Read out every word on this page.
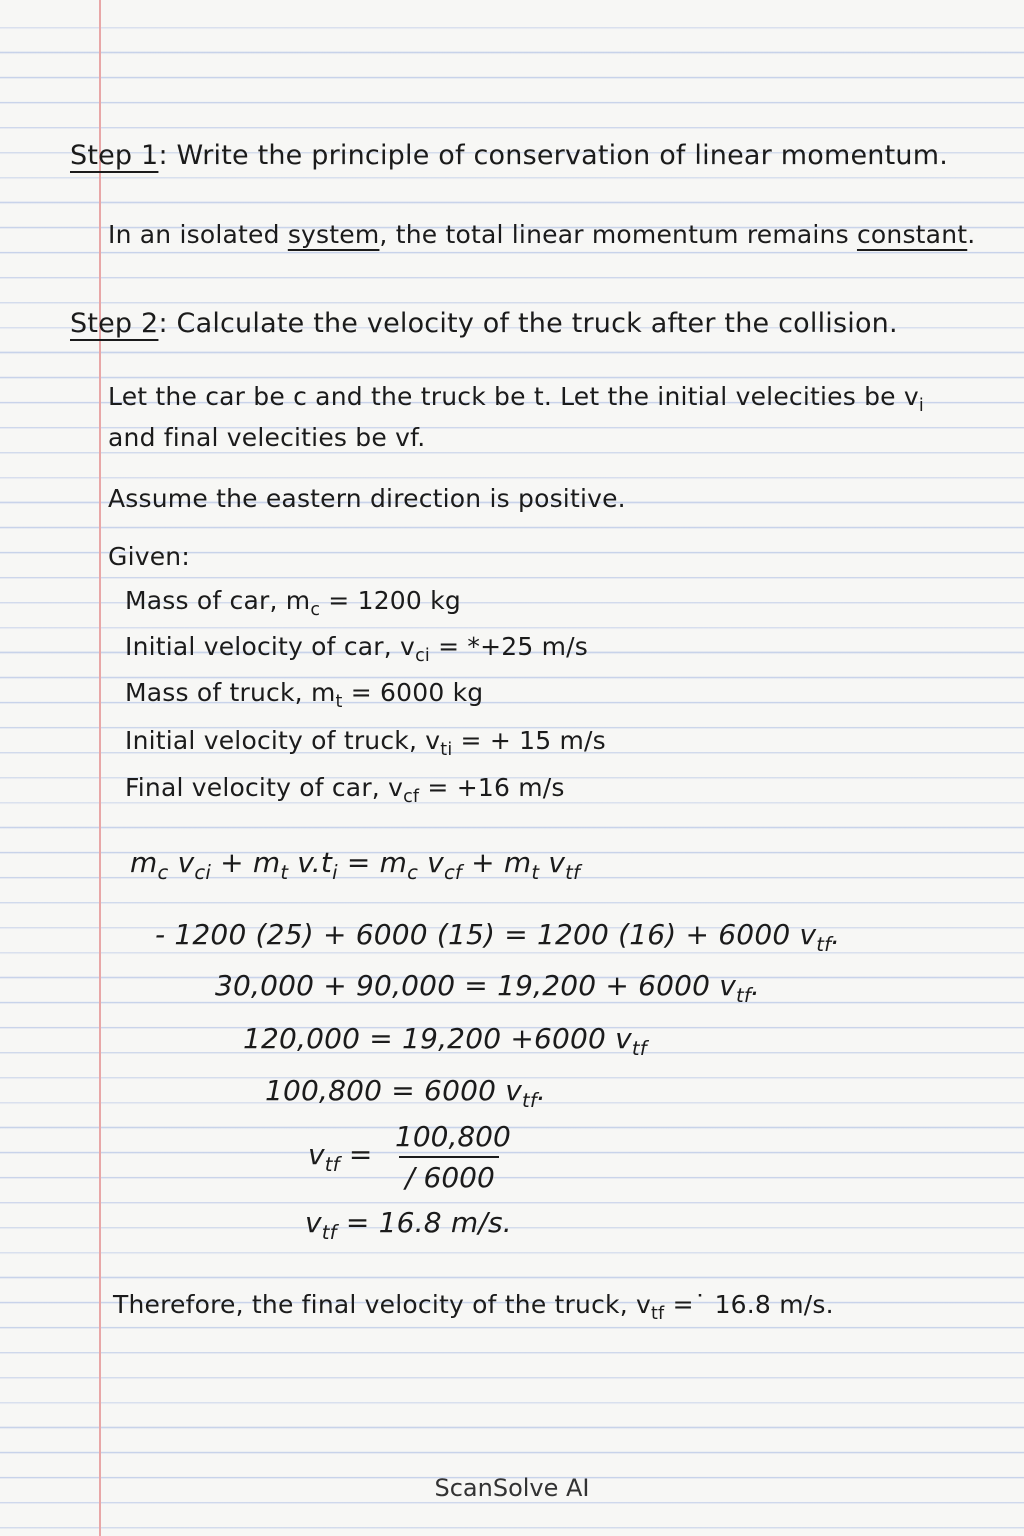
Step 1: Write the principle of conservation of linear momentum.
In an isolated system, the total linear momentum remains constant.
Step 2: Calculate the velocity of the truck after the collision.
Let the car be c and the truck be t. Let the initial velecities be $v_i$
and final velecities be vf.
Assume the eastern direction is positive.
Given:
Mass of car, $m_c = 1200$ kg
Initial velocity of car, $v_{ci} = *+25$ m/s
Mass of truck, $m_t = 6000$ kg
Initial velocity of truck, $v_{ti}$ = + 15 m/s
Final velocity of car, $v_{cf} = +16$ m/s
$m_c$ $v_{ci} + m_t$ $v.t_i = m_c$ $v_{cf} + m_t$ $v_{tf}$
- 1200 (25) + 6000 (15) = 1200 (16) + 6000 $v_{tf}$.
30,000 + 90,000 = 19,200 + 6000 $v_{tf}$.
120,000 = 19,200 +6000 $v_{tf}$
100,800 = 6000 $v_{tf}$.
$v_{tf}$ =
100,800
/ 6000
$v_{tf} = 16.8$ m/s.
Therefore, the final velocity of the truck, $v_{tf}$ =˙ 16.8 m/s.
ScanSolve AI
